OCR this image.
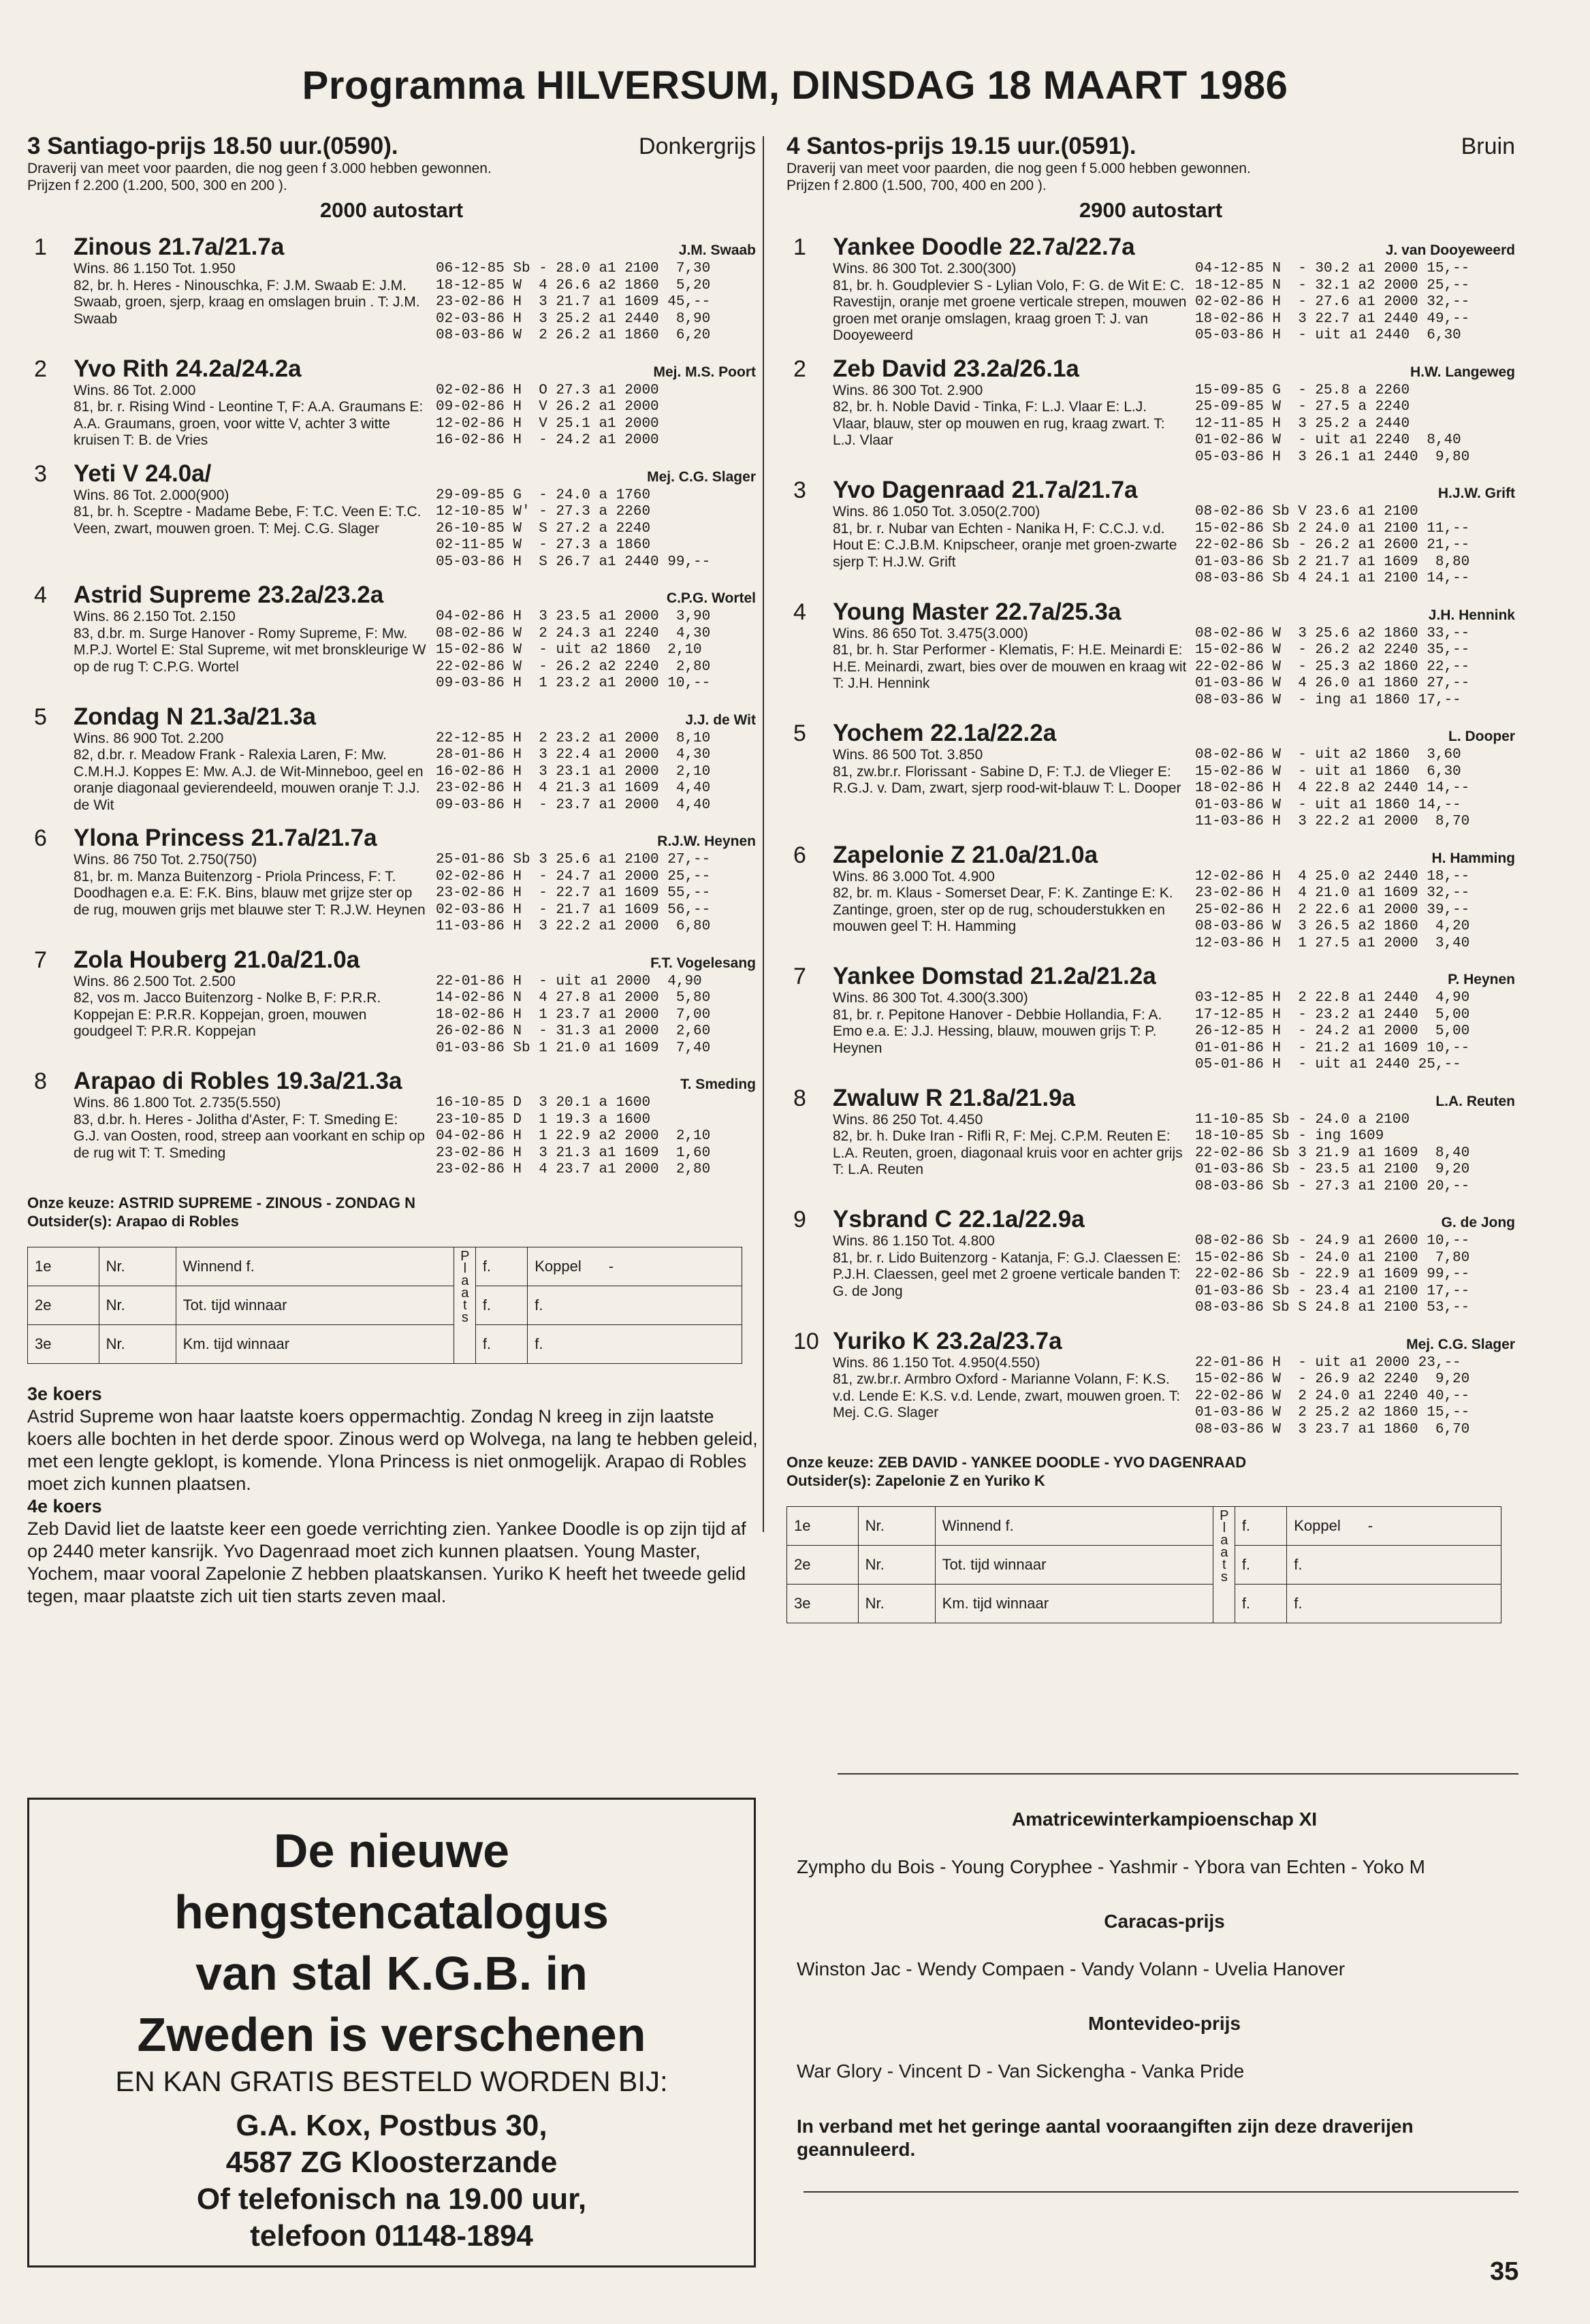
Programma HILVERSUM, DINSDAG 18 MAART 1986
3 Santiago-prijs 18.50 uur.(0590).	Donkergrijs
Draverij van meet voor paarden, die nog geen f 3.000 hebben gewonnen.
Prijzen f 2.200 (1.200, 500, 300 en 200 ).
2000 autostart
1	Zinous 21.7a/21.7a	J.M. Swaab
Wins. 86 1.150 Tot. 1.950
82, br. h. Heres - Ninouschka, F: J.M. Swaab E: J.M. Swaab, groen, sjerp, kraag en omslagen bruin . T: J.M. Swaab
06-12-85 Sb - 28.0 a1 2100  7,30
18-12-85 W  4 26.6 a2 1860  5,20
23-02-86 H  3 21.7 a1 1609 45,--
02-03-86 H  3 25.2 a1 2440  8,90
08-03-86 W  2 26.2 a1 1860  6,20
2	Yvo Rith 24.2a/24.2a	Mej. M.S. Poort
Wins. 86 Tot. 2.000
81, br. r. Rising Wind - Leontine T, F: A.A. Graumans E: A.A. Graumans, groen, voor witte V, achter 3 witte kruisen T: B. de Vries
02-02-86 H  O 27.3 a1 2000
09-02-86 H  V 26.2 a1 2000
12-02-86 H  V 25.1 a1 2000
16-02-86 H  - 24.2 a1 2000
3	Yeti V 24.0a/	Mej. C.G. Slager
Wins. 86 Tot. 2.000(900)
81, br. h. Sceptre - Madame Bebe, F: T.C. Veen E: T.C. Veen, zwart, mouwen groen. T: Mej. C.G. Slager
29-09-85 G  - 24.0 a 1760
12-10-85 W' - 27.3 a 2260
26-10-85 W  S 27.2 a 2240
02-11-85 W  - 27.3 a 1860
05-03-86 H  S 26.7 a1 2440 99,--
4	Astrid Supreme 23.2a/23.2a	C.P.G. Wortel
Wins. 86 2.150 Tot. 2.150
83, d.br. m. Surge Hanover - Romy Supreme, F: Mw. M.P.J. Wortel E: Stal Supreme, wit met bronskleurige W op de rug T: C.P.G. Wortel
04-02-86 H  3 23.5 a1 2000  3,90
08-02-86 W  2 24.3 a1 2240  4,30
15-02-86 W  - uit a2 1860  2,10
22-02-86 W  - 26.2 a2 2240  2,80
09-03-86 H  1 23.2 a1 2000 10,--
5	Zondag N 21.3a/21.3a	J.J. de Wit
Wins. 86 900 Tot. 2.200
82, d.br. r. Meadow Frank - Ralexia Laren, F: Mw. C.M.H.J. Koppes E: Mw. A.J. de Wit-Minneboo, geel en oranje diagonaal gevierendeeld, mouwen oranje T: J.J. de Wit
22-12-85 H  2 23.2 a1 2000  8,10
28-01-86 H  3 22.4 a1 2000  4,30
16-02-86 H  3 23.1 a1 2000  2,10
23-02-86 H  4 21.3 a1 1609  4,40
09-03-86 H  - 23.7 a1 2000  4,40
6	Ylona Princess 21.7a/21.7a	R.J.W. Heynen
Wins. 86 750 Tot. 2.750(750)
81, br. m. Manza Buitenzorg - Priola Princess, F: T. Doodhagen e.a. E: F.K. Bins, blauw met grijze ster op de rug, mouwen grijs met blauwe ster T: R.J.W. Heynen
25-01-86 Sb 3 25.6 a1 2100 27,--
02-02-86 H  - 24.7 a1 2000 25,--
23-02-86 H  - 22.7 a1 1609 55,--
02-03-86 H  - 21.7 a1 1609 56,--
11-03-86 H  3 22.2 a1 2000  6,80
7	Zola Houberg 21.0a/21.0a	F.T. Vogelesang
Wins. 86 2.500 Tot. 2.500
82, vos m. Jacco Buitenzorg - Nolke B, F: P.R.R. Koppejan E: P.R.R. Koppejan, groen, mouwen goudgeel T: P.R.R. Koppejan
22-01-86 H  - uit a1 2000  4,90
14-02-86 N  4 27.8 a1 2000  5,80
18-02-86 H  1 23.7 a1 2000  7,00
26-02-86 N  - 31.3 a1 2000  2,60
01-03-86 Sb 1 21.0 a1 1609  7,40
8	Arapao di Robles 19.3a/21.3a	T. Smeding
Wins. 86 1.800 Tot. 2.735(5.550)
83, d.br. h. Heres - Jolitha d'Aster, F: T. Smeding E: G.J. van Oosten, rood, streep aan voorkant en schip op de rug wit T: T. Smeding
16-10-85 D  3 20.1 a 1600
23-10-85 D  1 19.3 a 1600
04-02-86 H  1 22.9 a2 2000  2,10
23-02-86 H  3 21.3 a1 1609  1,60
23-02-86 H  4 23.7 a1 2000  2,80
Onze keuze: ASTRID SUPREME - ZINOUS - ZONDAG N
Outsider(s): Arapao di Robles
1e	Nr.	Winnend f.	Plaats	f.	Koppel -
2e	Nr.	Tot. tijd winnaar		f.	f.
3e	Nr.	Km. tijd winnaar		f.	f.
3e koers

Astrid Supreme won haar laatste koers oppermachtig. Zondag N kreeg in zijn laatste koers alle bochten in het derde spoor. Zinous werd op Wolvega, na lang te hebben geleid, met een lengte geklopt, is komende. Ylona Princess is niet onmogelijk. Arapao di Robles moet zich kunnen plaatsen.

4e koers

Zeb David liet de laatste keer een goede verrichting zien. Yankee Doodle is op zijn tijd af op 2440 meter kansrijk. Yvo Dagenraad moet zich kunnen plaatsen. Young Master, Yochem, maar vooral Zapelonie Z hebben plaatskansen. Yuriko K heeft het tweede gelid tegen, maar plaatste zich uit tien starts zeven maal.

4 Santos-prijs 19.15 uur.(0591).	Bruin
Draverij van meet voor paarden, die nog geen f 5.000 hebben gewonnen.
Prijzen f 2.800 (1.500, 700, 400 en 200 ).
2900 autostart
1	Yankee Doodle 22.7a/22.7a	J. van Dooyeweerd
Wins. 86 300 Tot. 2.300(300)
81, br. h. Goudplevier S - Lylian Volo, F: G. de Wit E: C. Ravestijn, oranje met groene verticale strepen, mouwen groen met oranje omslagen, kraag groen T: J. van Dooyeweerd
04-12-85 N  - 30.2 a1 2000 15,--
18-12-85 N  - 32.1 a2 2000 25,--
02-02-86 H  - 27.6 a1 2000 32,--
18-02-86 H  3 22.7 a1 2440 49,--
05-03-86 H  - uit a1 2440  6,30
2	Zeb David 23.2a/26.1a	H.W. Langeweg
Wins. 86 300 Tot. 2.900
82, br. h. Noble David - Tinka, F: L.J. Vlaar E: L.J. Vlaar, blauw, ster op mouwen en rug, kraag zwart. T: L.J. Vlaar
15-09-85 G  - 25.8 a 2260
25-09-85 W  - 27.5 a 2240
12-11-85 H  3 25.2 a 2440
01-02-86 W  - uit a1 2240  8,40
05-03-86 H  3 26.1 a1 2440  9,80
3	Yvo Dagenraad 21.7a/21.7a	H.J.W. Grift
Wins. 86 1.050 Tot. 3.050(2.700)
81, br. r. Nubar van Echten - Nanika H, F: C.C.J. v.d. Hout E: C.J.B.M. Knipscheer, oranje met groen-zwarte sjerp T: H.J.W. Grift
08-02-86 Sb V 23.6 a1 2100
15-02-86 Sb 2 24.0 a1 2100 11,--
22-02-86 Sb - 26.2 a1 2600 21,--
01-03-86 Sb 2 21.7 a1 1609  8,80
08-03-86 Sb 4 24.1 a1 2100 14,--
4	Young Master 22.7a/25.3a	J.H. Hennink
Wins. 86 650 Tot. 3.475(3.000)
81, br. h. Star Performer - Klematis, F: H.E. Meinardi E: H.E. Meinardi, zwart, bies over de mouwen en kraag wit T: J.H. Hennink
08-02-86 W  3 25.6 a2 1860 33,--
15-02-86 W  - 26.2 a2 2240 35,--
22-02-86 W  - 25.3 a2 1860 22,--
01-03-86 W  4 26.0 a1 1860 27,--
08-03-86 W  - ing a1 1860 17,--
5	Yochem 22.1a/22.2a	L. Dooper
Wins. 86 500 Tot. 3.850
81, zw.br.r. Florissant - Sabine D, F: T.J. de Vlieger E: R.G.J. v. Dam, zwart, sjerp rood-wit-blauw T: L. Dooper
08-02-86 W  - uit a2 1860  3,60
15-02-86 W  - uit a1 1860  6,30
18-02-86 H  4 22.8 a2 2440 14,--
01-03-86 W  - uit a1 1860 14,--
11-03-86 H  3 22.2 a1 2000  8,70
6	Zapelonie Z 21.0a/21.0a	H. Hamming
Wins. 86 3.000 Tot. 4.900
82, br. m. Klaus - Somerset Dear, F: K. Zantinge E: K. Zantinge, groen, ster op de rug, schouderstukken en mouwen geel T: H. Hamming
12-02-86 H  4 25.0 a2 2440 18,--
23-02-86 H  4 21.0 a1 1609 32,--
25-02-86 H  2 22.6 a1 2000 39,--
08-03-86 W  3 26.5 a2 1860  4,20
12-03-86 H  1 27.5 a1 2000  3,40
7	Yankee Domstad 21.2a/21.2a	P. Heynen
Wins. 86 300 Tot. 4.300(3.300)
81, br. r. Pepitone Hanover - Debbie Hollandia, F: A. Emo e.a. E: J.J. Hessing, blauw, mouwen grijs T: P. Heynen
03-12-85 H  2 22.8 a1 2440  4,90
17-12-85 H  - 23.2 a1 2440  5,00
26-12-85 H  - 24.2 a1 2000  5,00
01-01-86 H  - 21.2 a1 1609 10,--
05-01-86 H  - uit a1 2440 25,--
8	Zwaluw R 21.8a/21.9a	L.A. Reuten
Wins. 86 250 Tot. 4.450
82, br. h. Duke Iran - Rifli R, F: Mej. C.P.M. Reuten E: L.A. Reuten, groen, diagonaal kruis voor en achter grijs T: L.A. Reuten
11-10-85 Sb - 24.0 a 2100
18-10-85 Sb - ing 1609
22-02-86 Sb 3 21.9 a1 1609  8,40
01-03-86 Sb - 23.5 a1 2100  9,20
08-03-86 Sb - 27.3 a1 2100 20,--
9	Ysbrand C 22.1a/22.9a	G. de Jong
Wins. 86 1.150 Tot. 4.800
81, br. r. Lido Buitenzorg - Katanja, F: G.J. Claessen E: P.J.H. Claessen, geel met 2 groene verticale banden T: G. de Jong
08-02-86 Sb - 24.9 a1 2600 10,--
15-02-86 Sb - 24.0 a1 2100  7,80
22-02-86 Sb - 22.9 a1 1609 99,--
01-03-86 Sb - 23.4 a1 2100 17,--
08-03-86 Sb S 24.8 a1 2100 53,--
10 Yuriko K 23.2a/23.7a	Mej. C.G. Slager
Wins. 86 1.150 Tot. 4.950(4.550)
81, zw.br.r. Armbro Oxford - Marianne Volann, F: K.S. v.d. Lende E: K.S. v.d. Lende, zwart, mouwen groen. T: Mej. C.G. Slager
22-01-86 H  - uit a1 2000 23,--
15-02-86 W  - 26.9 a2 2240  9,20
22-02-86 W  2 24.0 a1 2240 40,--
01-03-86 W  2 25.2 a2 1860 15,--
08-03-86 W  3 23.7 a1 1860  6,70
Onze keuze: ZEB DAVID - YANKEE DOODLE - YVO DAGENRAAD
Outsider(s): Zapelonie Z en Yuriko K
1e	Nr.	Winnend f.	Plaats	f.	Koppel -
2e	Nr.	Tot. tijd winnaar		f.	f.
3e	Nr.	Km. tijd winnaar		f.	f.
De nieuwe
hengstencatalogus
van stal K.G.B. in
Zweden is verschenen
EN KAN GRATIS BESTELD WORDEN BIJ:
G.A. Kox, Postbus 30,
4587 ZG Kloosterzande
Of telefonisch na 19.00 uur,
telefoon 01148-1894
Amatricewinterkampioenschap XI
Zympho du Bois - Young Coryphee - Yashmir - Ybora van Echten - Yoko M
Caracas-prijs
Winston Jac - Wendy Compaen - Vandy Volann - Uvelia Hanover
Montevideo-prijs
War Glory - Vincent D - Van Sickengha - Vanka Pride
In verband met het geringe aantal vooraangiften zijn deze draverijen geannuleerd.
35
